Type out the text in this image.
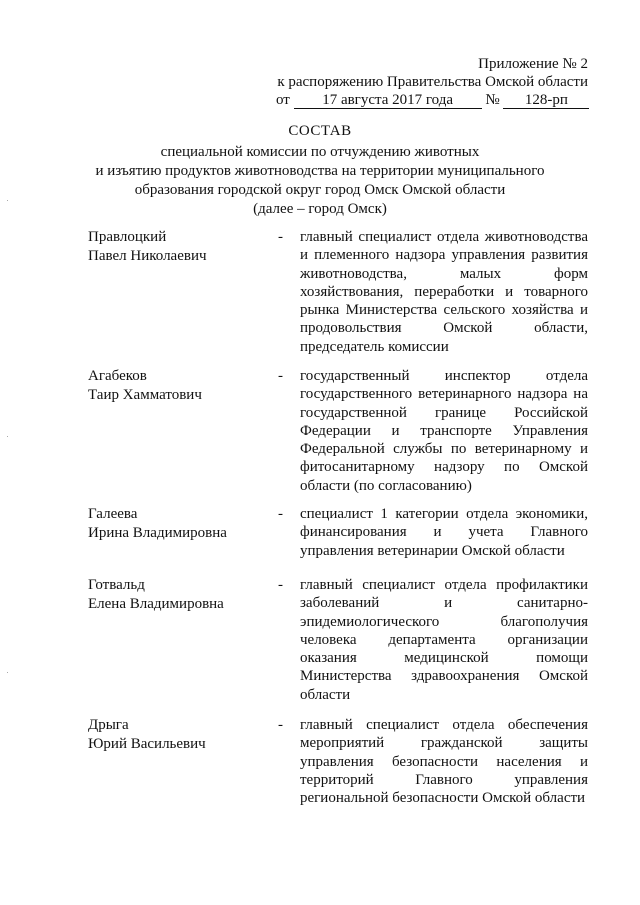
Приложение № 2
к распоряжению Правительства Омской области
от 17 августа 2017 года № 128-рп
СОСТАВ
специальной комиссии по отчуждению животных
и изъятию продуктов животноводства на территории муниципального
образования городской округ город Омск Омской области
(далее – город Омск)
Правлоцкий
Павел Николаевич
-	главный специалист отдела животноводства и племенного надзора управления развития животноводства, малых форм хозяйствования, переработки и товарного рынка Министерства сельского хозяйства и продовольствия Омской области, председатель комиссии
Агабеков
Таир Хамматович
-	государственный инспектор отдела государственного ветеринарного надзора на государственной границе Российской Федерации и транспорте Управления Федеральной службы по ветеринарному и фитосанитарному надзору по Омской области (по согласованию)
Галеева
Ирина Владимировна
-	специалист 1 категории отдела экономики, финансирования и учета Главного управления ветеринарии Омской области
Готвальд
Елена Владимировна
-	главный специалист отдела профилактики заболеваний и санитарно-эпидемиологического благополучия человека департамента организации оказания медицинской помощи Министерства здравоохранения Омской области
Дрыга
Юрий Васильевич
-	главный специалист отдела обеспечения мероприятий гражданской защиты управления безопасности населения и территорий Главного управления региональной безопасности Омской области
